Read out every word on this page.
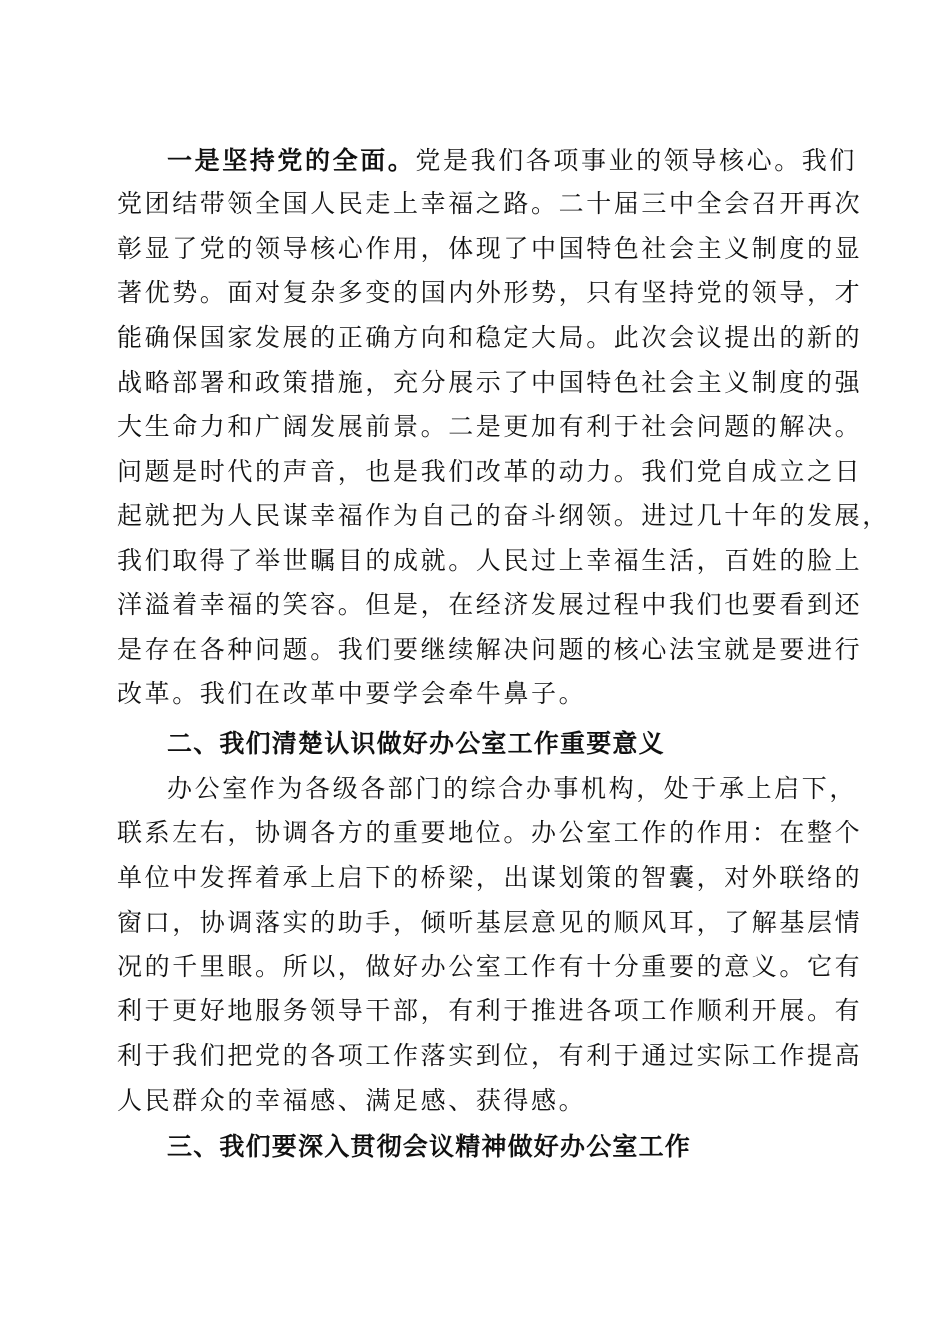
一是坚持党的全面。党是我们各项事业的领导核心。我们
党团结带领全国人民走上幸福之路。二十届三中全会召开再次
彰显了党的领导核心作用，体现了中国特色社会主义制度的显
著优势。面对复杂多变的国内外形势，只有坚持党的领导，才
能确保国家发展的正确方向和稳定大局。此次会议提出的新的
战略部署和政策措施，充分展示了中国特色社会主义制度的强
大生命力和广阔发展前景。二是更加有利于社会问题的解决。
问题是时代的声音，也是我们改革的动力。我们党自成立之日
起就把为人民谋幸福作为自己的奋斗纲领。进过几十年的发展，
我们取得了举世瞩目的成就。人民过上幸福生活，百姓的脸上
洋溢着幸福的笑容。但是，在经济发展过程中我们也要看到还
是存在各种问题。我们要继续解决问题的核心法宝就是要进行
改革。我们在改革中要学会牵牛鼻子。
二、我们清楚认识做好办公室工作重要意义
办公室作为各级各部门的综合办事机构，处于承上启下，
联系左右，协调各方的重要地位。办公室工作的作用：在整个
单位中发挥着承上启下的桥梁，出谋划策的智囊，对外联络的
窗口，协调落实的助手，倾听基层意见的顺风耳，了解基层情
况的千里眼。所以，做好办公室工作有十分重要的意义。它有
利于更好地服务领导干部，有利于推进各项工作顺利开展。有
利于我们把党的各项工作落实到位，有利于通过实际工作提高
人民群众的幸福感、满足感、获得感。
三、我们要深入贯彻会议精神做好办公室工作
